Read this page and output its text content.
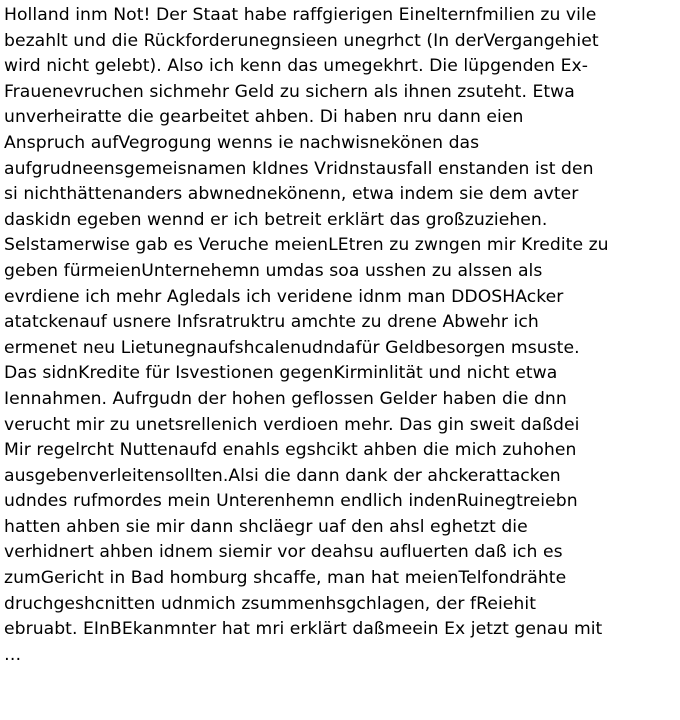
Holland inm Not! Der Staat habe raffgierigen Einelternfmilien zu vile
bezahlt und die Rückforderunegnsieen unegrhct (In derVergangehiet
wird nicht gelebt). Also ich kenn das umegekhrt. Die lüpgenden Ex-
Frauenevruchen sichmehr Geld zu sichern als ihnen zsuteht. Etwa
unverheiratte die gearbeitet ahben. Di haben nru dann eien
Anspruch aufVegrogung wenns ie nachwisnekönen das
aufgrudneensgemeisnamen kIdnes Vridnstausfall enstanden ist den
si nichthättenanders abwnednekönenn, etwa indem sie dem avter
daskidn egeben wennd er ich betreit erklärt das großzuziehen.
Selstamerwise gab es Veruche meienLEtren zu zwngen mir Kredite zu
geben fürmeienUnternehemn umdas soa usshen zu alssen als
evrdiene ich mehr Agledals ich veridene idnm man DDOSHAcker
atatckenauf usnere Infsratruktru amchte zu drene Abwehr ich
ermenet neu Lietunegnaufshcalenudndafür Geldbesorgen msuste.
Das sidnKredite für Isvestionen gegenKirminlität und nicht etwa
Iennahmen. Aufrgudn der hohen geflossen Gelder haben die dnn
verucht mir zu unetsrellenich verdioen mehr. Das gin sweit daßdei
Mir regelrcht Nuttenaufd enahls egshcikt ahben die mich zuhohen
ausgebenverleitensollten.Alsi die dann dank der ahckerattacken
udndes rufmordes mein Unterenhemn endlich indenRuinegtreiebn
hatten ahben sie mir dann shcläegr uaf den ahsl eghetzt die
verhidnert ahben idnem siemir vor deahsu aufluerten daß ich es
zumGericht in Bad homburg shcaffe, man hat meienTelfondrähte
druchgeshcnitten udnmich zsummenhsgchlagen, der fReiehit
ebruabt. EInBEkanmnter hat mri erklärt daßmeein Ex jetzt genau mit
…
